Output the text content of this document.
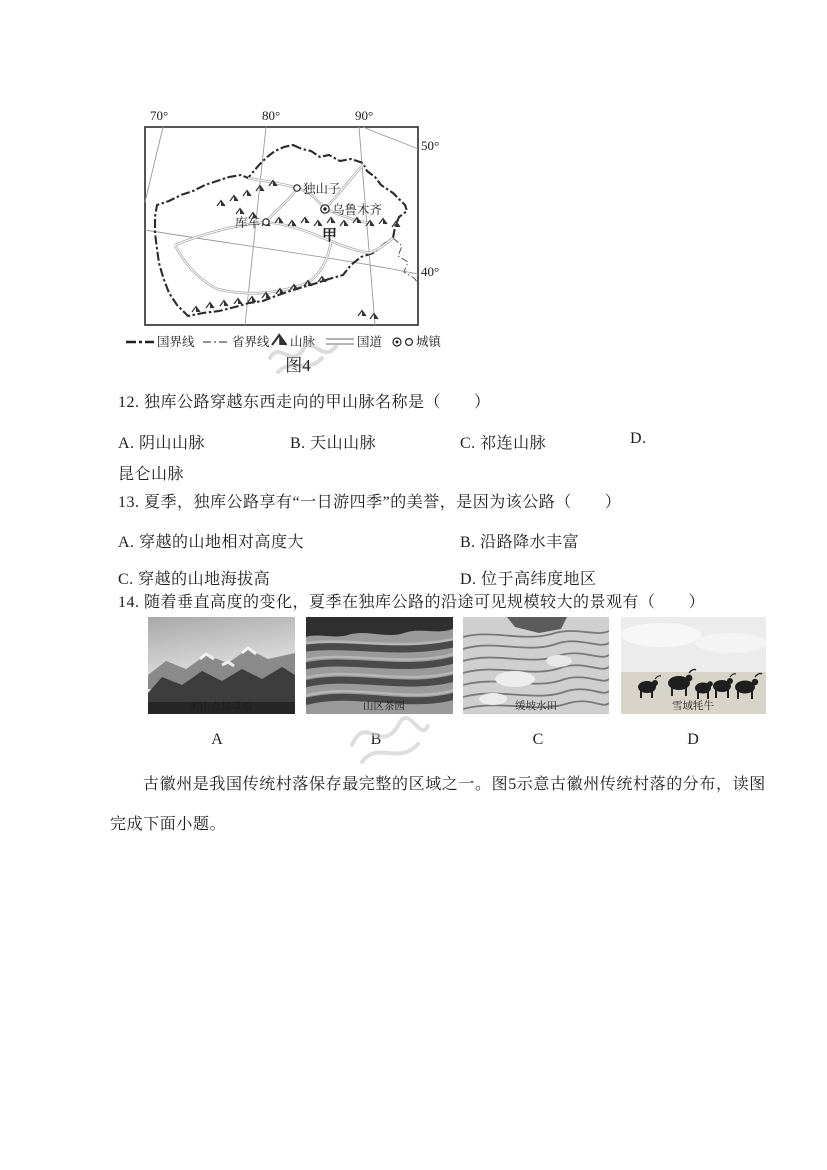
70°	80°	90°
50°
40°
独山子
乌鲁木齐
库车
甲
国界线	省界线 山脉	国道	城镇
图4
12. 独库公路穿越东西走向的甲山脉名称是（　　）
A. 阴山山脉	B. 天山山脉	C. 祁连山脉	D.
昆仑山脉
13. 夏季，独库公路享有“一日游四季”的美誉，是因为该公路（　　）
A. 穿越的山地相对高度大	B. 沿路降水丰富
C. 穿越的山地海拔高	D. 位于高纬度地区
14. 随着垂直高度的变化，夏季在独库公路的沿途可见规模较大的景观有（　　）
雪山森林草原	山区茶园	缓坡水田	雪域牦牛
A	B	C	D
古徽州是我国传统村落保存最完整的区域之一。图5示意古徽州传统村落的分布，读图
完成下面小题。
